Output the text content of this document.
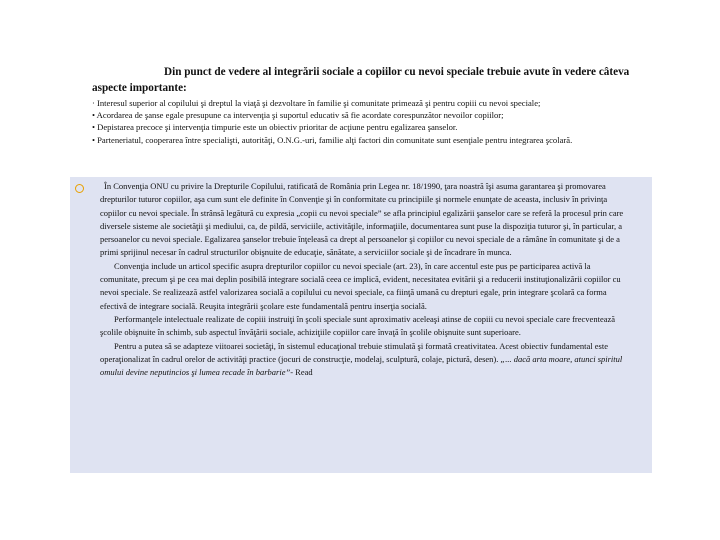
Din punct de vedere al integrării sociale a copiilor cu nevoi speciale trebuie avute în vedere câteva aspecte importante:

· Interesul superior al copilului şi dreptul la viaţă şi dezvoltare în familie şi comunitate primează şi pentru copiii cu nevoi speciale;
• Acordarea de şanse egale presupune ca intervenţia şi suportul educativ să fie acordate corespunzător nevoilor copiilor;
• Depistarea precoce şi intervenţia timpurie este un obiectiv prioritar de acţiune pentru egalizarea şanselor.
• Parteneriatul, cooperarea între specialişti, autorităţi, O.N.G.-uri, familie alţi factori din comunitate sunt esenţiale pentru integrarea şcolară.

În Convenţia ONU cu privire la Drepturile Copilului, ratificată de România prin Legea nr. 18/1990, ţara noastră îşi asuma garantarea şi promovarea drepturilor tuturor copiilor, aşa cum sunt ele definite în Convenţie şi în conformitate cu principiile şi normele enunţate de aceasta, inclusiv în privinţa copiilor cu nevoi speciale. În strânsă legătură cu expresia „copii cu nevoi speciale” se afla principiul egalizării şanselor care se referă la procesul prin care diversele sisteme ale societăţii şi mediului, ca, de pildă, serviciile, activităţile, informaţiile, documentarea sunt puse la dispoziţia tuturor şi, în particular, a persoanelor cu nevoi speciale. Egalizarea şanselor trebuie înţeleasă ca drept al persoanelor şi copiilor cu nevoi speciale de a rămâne în comunitate şi de a primi sprijinul necesar în cadrul structurilor obişnuite de educaţie, sănătate, a serviciilor sociale şi de încadrare în munca.

Convenţia include un articol specific asupra drepturilor copiilor cu nevoi speciale (art. 23), în care accentul este pus pe participarea activă la comunitate, precum şi pe cea mai deplin posibilă integrare socială ceea ce implică, evident, necesitatea evitării şi a reducerii instituţionalizării copiilor cu nevoi speciale. Se realizează astfel valorizarea socială a copilului cu nevoi speciale, ca fiinţă umană cu drepturi egale, prin integrare şcolară ca forma efectivă de integrare socială. Reuşita integrării şcolare este fundamentală pentru inserţia socială.

Performanţele intelectuale realizate de copiii instruiţi în şcoli speciale sunt aproximativ aceleaşi atinse de copiii cu nevoi speciale care frecventează şcolile obişnuite în schimb, sub aspectul învăţării sociale, achiziţiile copiilor care învaţă în şcolile obişnuite sunt superioare.

Pentru a putea să se adapteze viitoarei societăţi, în sistemul educaţional trebuie stimulată şi formată creativitatea. Acest obiectiv fundamental este operaţionalizat în cadrul orelor de activităţi practice (jocuri de construcţie, modelaj, sculptură, colaje, pictură, desen). „... dacă arta moare, atunci spiritul omului devine neputincios şi lumea recade în barbarie”- Read
